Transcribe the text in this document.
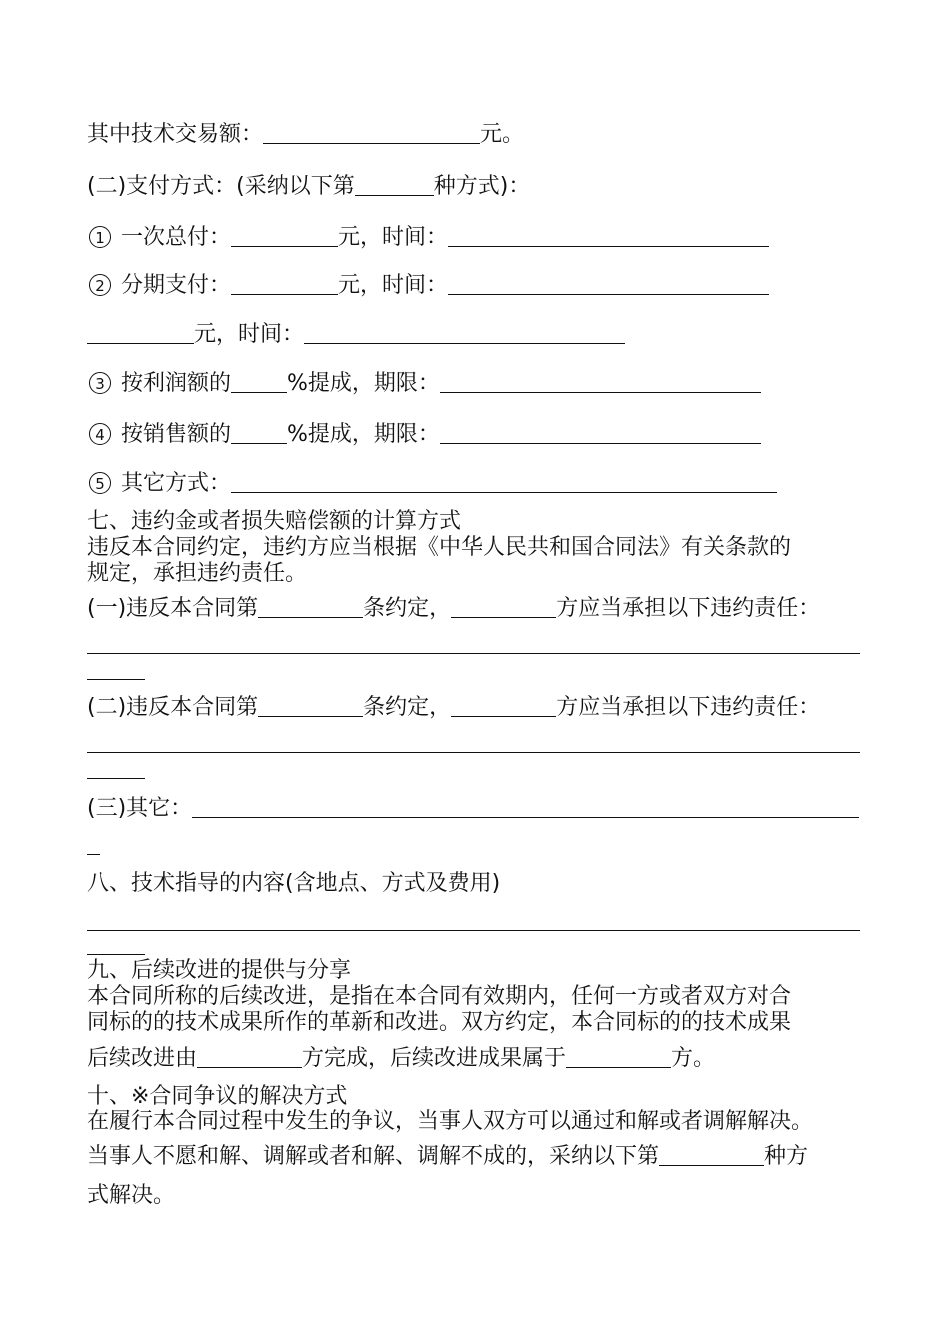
其中技术交易额：	元。
(二)支付方式：(采纳以下第	种方式)：
1 一次总付：	元，时间：
2 分期支付：	元，时间：
元，时间：
3 按利润额的	%提成，期限：
4 按销售额的	%提成，期限：
5 其它方式：
七、违约金或者损失赔偿额的计算方式
违反本合同约定，违约方应当根据《中华人民共和国合同法》有关条款的
规定，承担违约责任。
(一)违反本合同第	条约定，	方应当承担以下违约责任：
(二)违反本合同第	条约定，	方应当承担以下违约责任：
(三)其它：
八、技术指导的内容(含地点、方式及费用)
九、后续改进的提供与分享
本合同所称的后续改进，是指在本合同有效期内，任何一方或者双方对合
同标的的技术成果所作的革新和改进。双方约定，本合同标的的技术成果
后续改进由	方完成，后续改进成果属于	方。
十、※合同争议的解决方式
在履行本合同过程中发生的争议，当事人双方可以通过和解或者调解解决。
当事人不愿和解、调解或者和解、调解不成的，采纳以下第	种方
式解决。
